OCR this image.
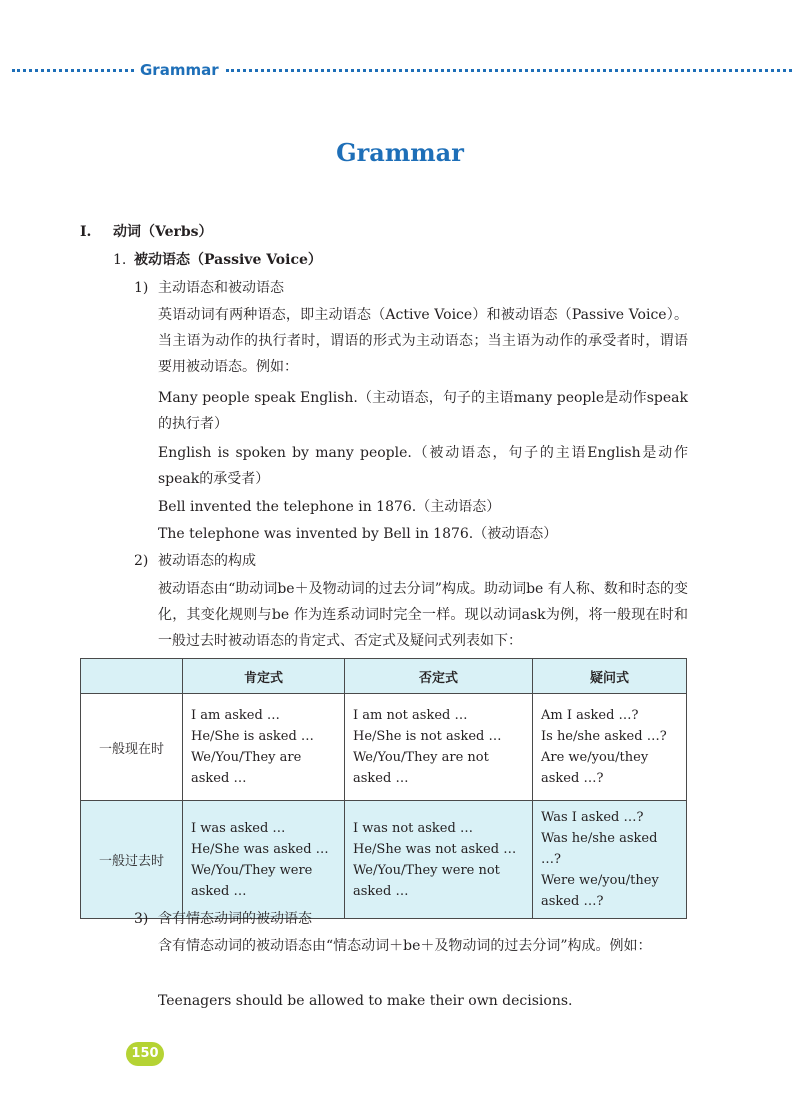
Grammar
Grammar
I. 动词（Verbs）
1. 被动语态（Passive Voice）
1) 主动语态和被动语态
英语动词有两种语态，即主动语态（Active Voice）和被动语态（Passive Voice）。当主语为动作的执行者时，谓语的形式为主动语态；当主语为动作的承受者时，谓语要用被动语态。例如：
Many people speak English.（主动语态，句子的主语many people是动作speak的执行者）
English is spoken by many people.（被动语态，句子的主语English是动作speak的承受者）
Bell invented the telephone in 1876.（主动语态）
The telephone was invented by Bell in 1876.（被动语态）
2) 被动语态的构成
被动语态由“助动词be＋及物动词的过去分词”构成。助动词be 有人称、数和时态的变化，其变化规则与be 作为连系动词时完全一样。现以动词ask为例，将一般现在时和一般过去时被动语态的肯定式、否定式及疑问式列表如下：
	肯定式	否定式	疑问式
一般现在时	I am asked …
He/She is asked …
We/You/They are asked …	I am not asked …
He/She is not asked …
We/You/They are not asked …	Am I asked …?
Is he/she asked …?
Are we/you/they asked …?
一般过去时	I was asked …
He/She was asked …
We/You/They were asked …	I was not asked …
He/She was not asked …
We/You/They were not asked …	Was I asked …?
Was he/she asked …?
Were we/you/they asked …?
3) 含有情态动词的被动语态
含有情态动词的被动语态由“情态动词＋be＋及物动词的过去分词”构成。例如：
Teenagers should be allowed to make their own decisions.
150
